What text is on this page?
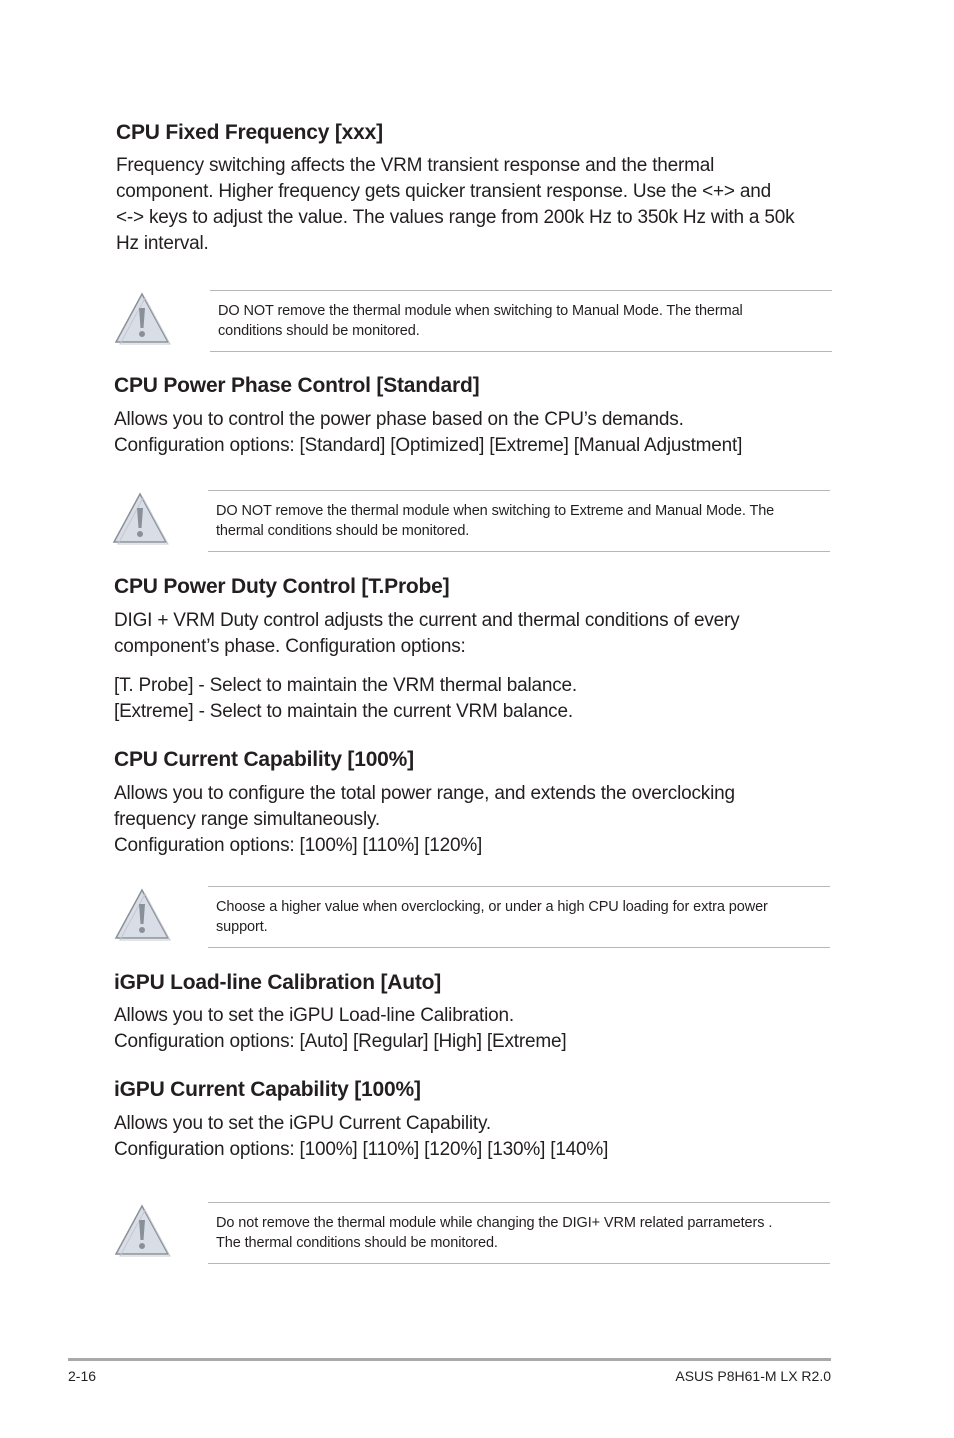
CPU Fixed Frequency [xxx]

Frequency switching affects the VRM transient response and the thermal
component. Higher frequency gets quicker transient response. Use the <+> and
<-> keys to adjust the value. The values range from 200k Hz to 350k Hz with a 50k
Hz interval.

DO NOT remove the thermal module when switching to Manual Mode. The thermal
conditions should be monitored.
CPU Power Phase Control [Standard]

Allows you to control the power phase based on the CPU’s demands.
Configuration options: [Standard] [Optimized] [Extreme] [Manual Adjustment]

DO NOT remove the thermal module when switching to Extreme and Manual Mode. The
thermal conditions should be monitored.
CPU Power Duty Control [T.Probe]

DIGI + VRM Duty control adjusts the current and thermal conditions of every
component’s phase. Configuration options:

[T. Probe] - Select to maintain the VRM thermal balance.
[Extreme] - Select to maintain the current VRM balance.

CPU Current Capability [100%]

Allows you to configure the total power range, and extends the overclocking
frequency range simultaneously.
Configuration options: [100%] [110%] [120%]

Choose a higher value when overclocking, or under a high CPU loading for extra power
support.
iGPU Load-line Calibration [Auto]

Allows you to set the iGPU Load-line Calibration.
Configuration options: [Auto] [Regular] [High] [Extreme]

iGPU Current Capability [100%]

Allows you to set the iGPU Current Capability.
Configuration options: [100%] [110%] [120%] [130%] [140%]

Do not remove the thermal module while changing the DIGI+ VRM related parrameters .
The thermal conditions should be monitored.
2-16	ASUS P8H61-M LX R2.0
